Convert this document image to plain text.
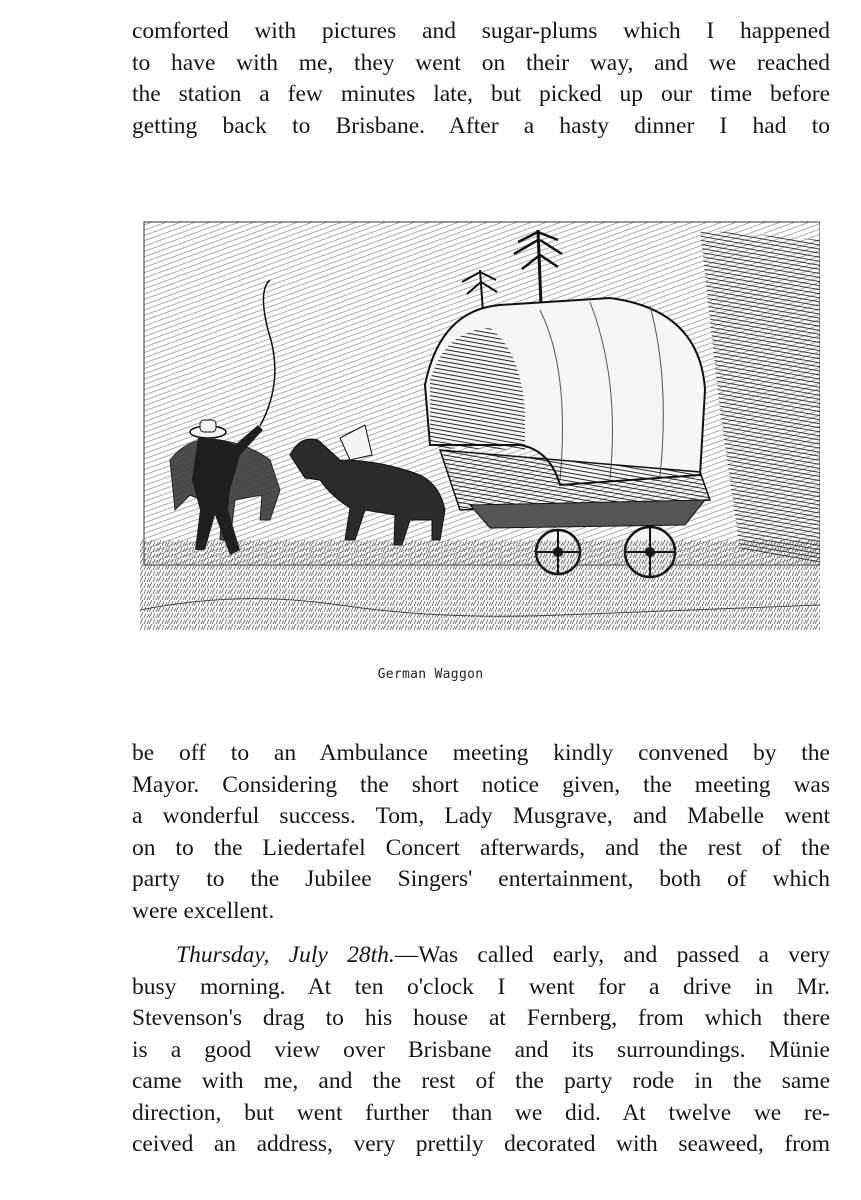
comforted with pictures and sugar-plums which I happened
to have with me, they went on their way, and we reached
the station a few minutes late, but picked up our time before
getting back to Brisbane. After a hasty dinner I had to
German Waggon
be off to an Ambulance meeting kindly convened by the
Mayor. Considering the short notice given, the meeting was
a wonderful success. Tom, Lady Musgrave, and Mabelle went
on to the Liedertafel Concert afterwards, and the rest of the
party to the Jubilee Singers' entertainment, both of which
were excellent.
Thursday, July 28th.—Was called early, and passed a very
busy morning. At ten o'clock I went for a drive in Mr.
Stevenson's drag to his house at Fernberg, from which there
is a good view over Brisbane and its surroundings. Münie
came with me, and the rest of the party rode in the same
direction, but went further than we did. At twelve we re-
ceived an address, very prettily decorated with seaweed, from
